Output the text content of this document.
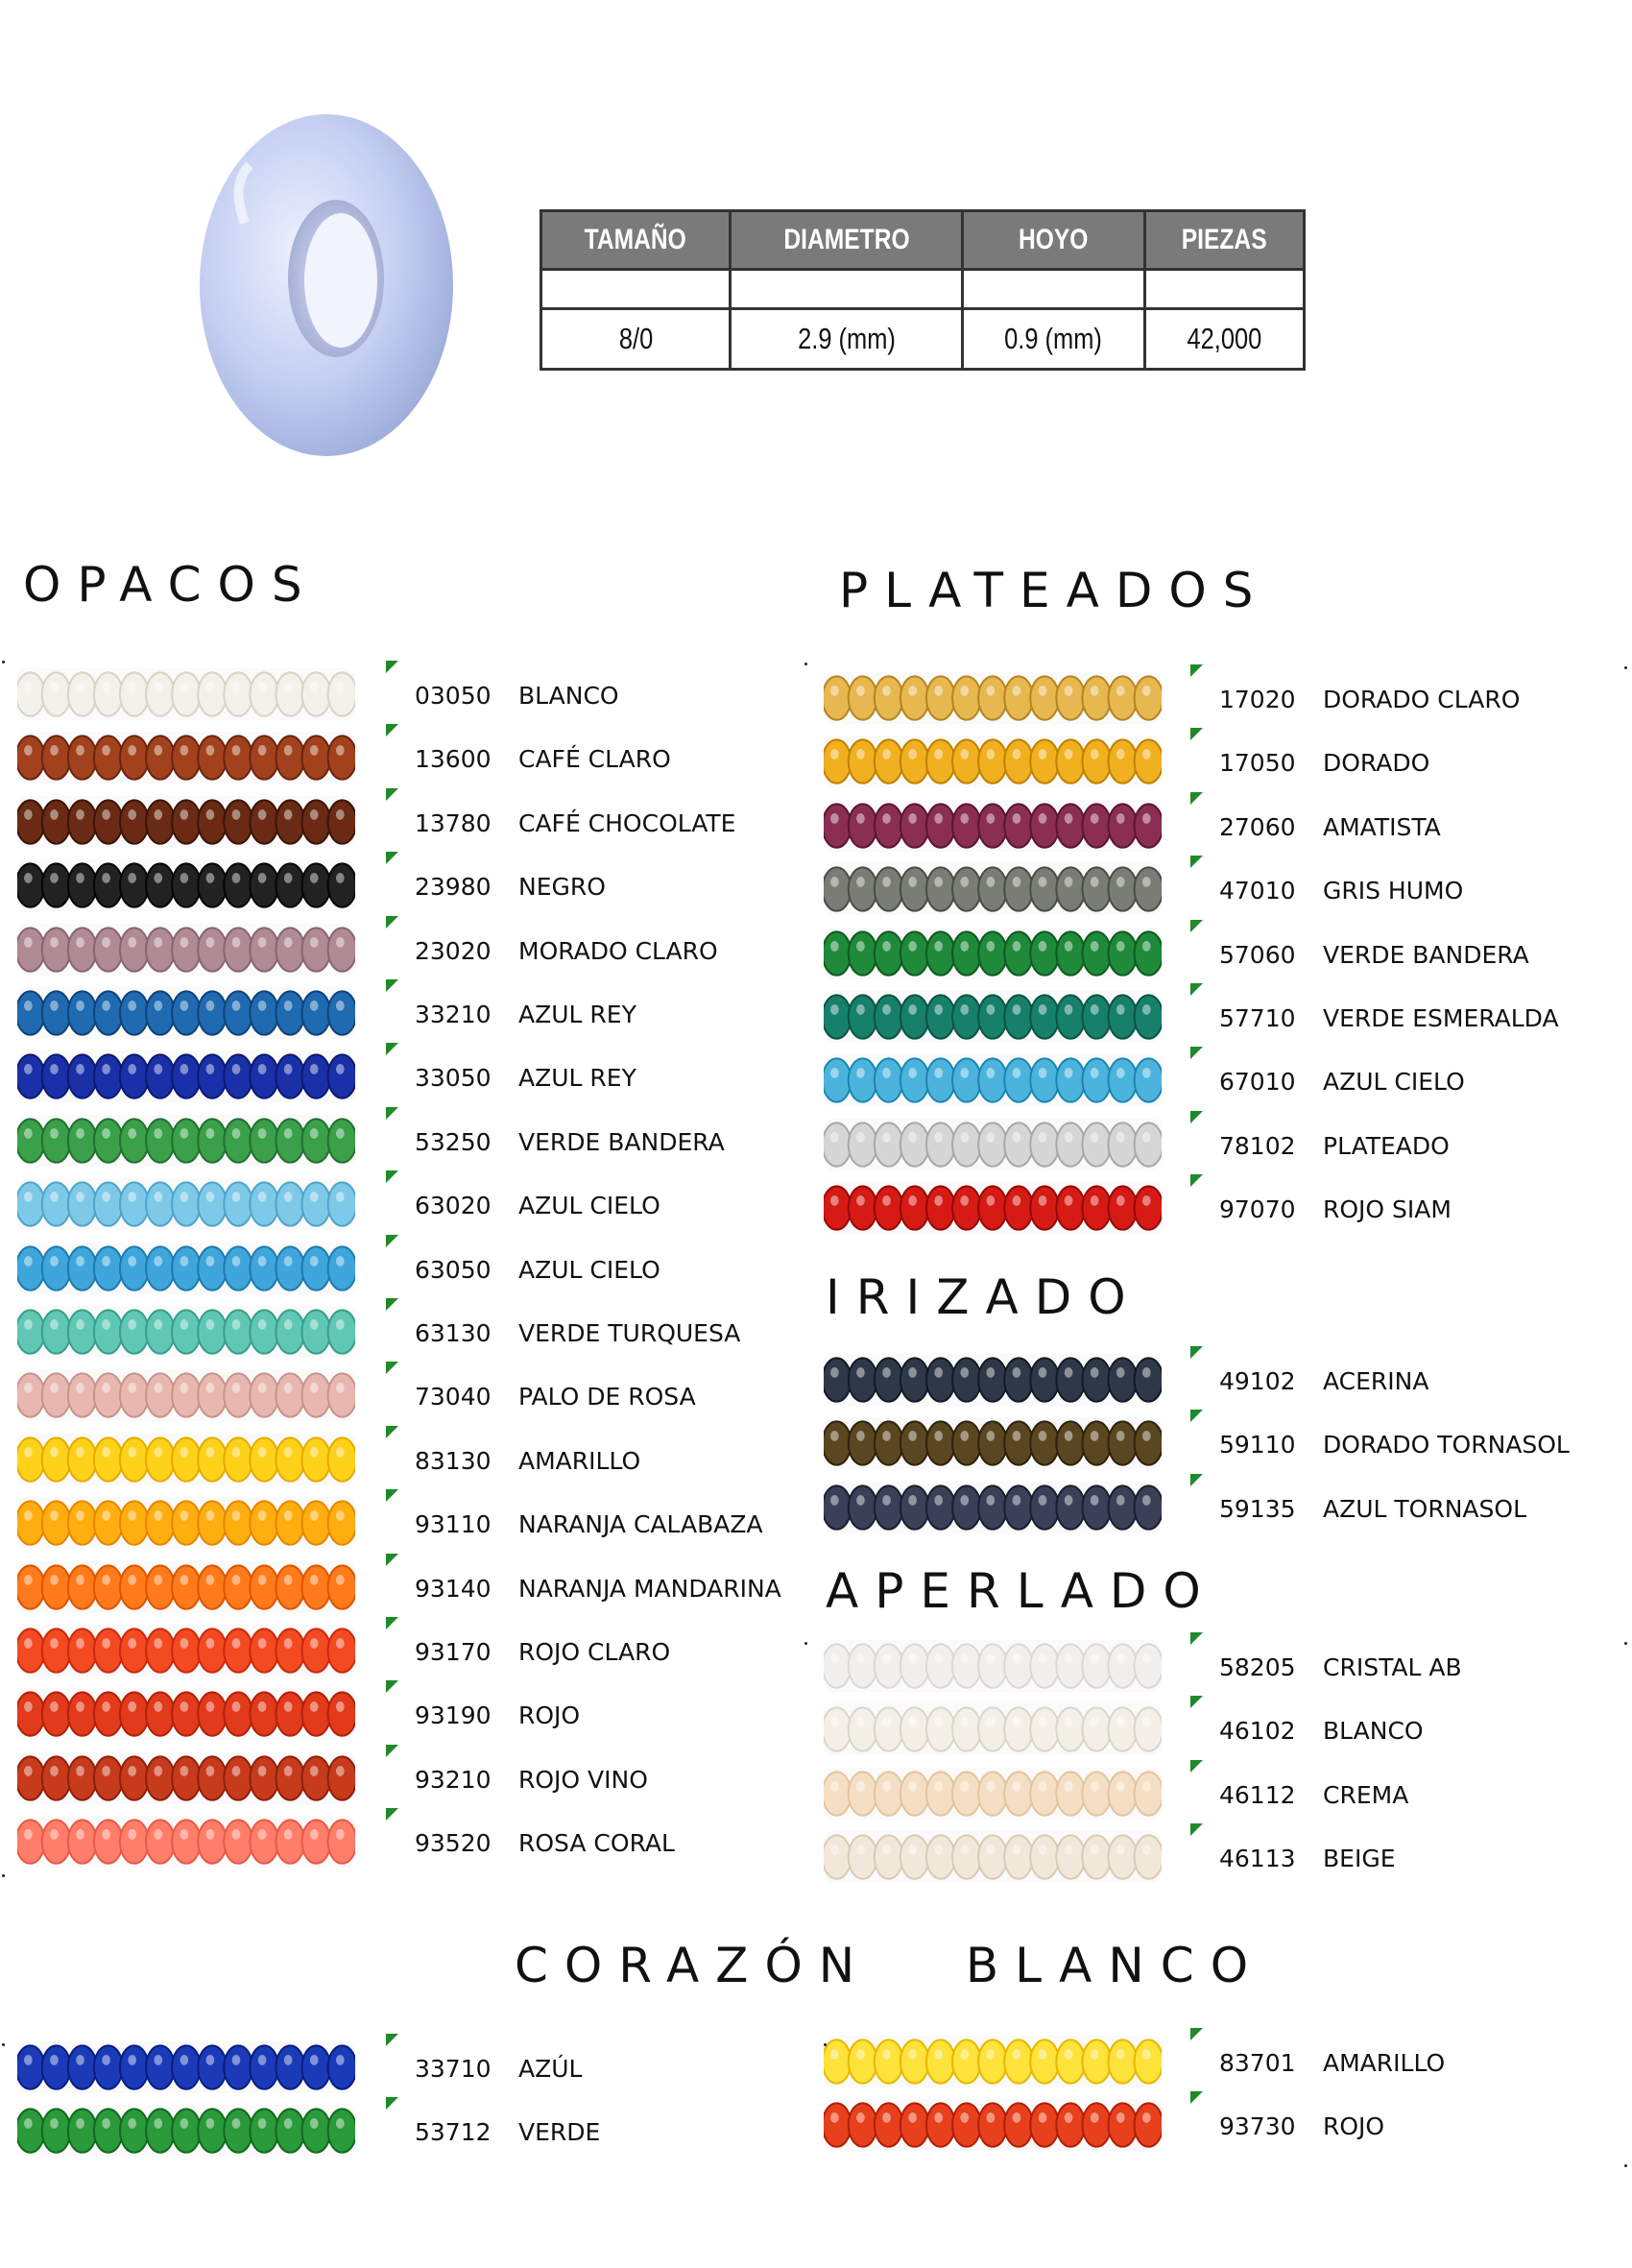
TAMAÑO	DIAMETRO	HOYO	PIEZAS

8/0	2.9 (mm)	0.9 (mm)	42,000
OPACOS	PLATEADOS
IRIZADO
APERLADO
CORAZÓN   BLANCO
03050 BLANCO
13600 CAFÉ CLARO
13780 CAFÉ CHOCOLATE
23980 NEGRO
23020 MORADO CLARO
33210 AZUL REY
33050 AZUL REY
53250 VERDE BANDERA
63020 AZUL CIELO
63050 AZUL CIELO
63130 VERDE TURQUESA
73040 PALO DE ROSA
83130 AMARILLO
93110 NARANJA CALABAZA
93140 NARANJA MANDARINA
93170 ROJO CLARO
93190 ROJO
93210 ROJO VINO
93520 ROSA CORAL
17020 DORADO CLARO
17050 DORADO
27060 AMATISTA
47010 GRIS HUMO
57060 VERDE BANDERA
57710 VERDE ESMERALDA
67010 AZUL CIELO
78102 PLATEADO
97070 ROJO SIAM
49102 ACERINA
59110 DORADO TORNASOL
59135 AZUL TORNASOL
58205 CRISTAL AB
46102 BLANCO
46112 CREMA
46113 BEIGE
33710 AZÚL
53712 VERDE
83701 AMARILLO
93730 ROJO
